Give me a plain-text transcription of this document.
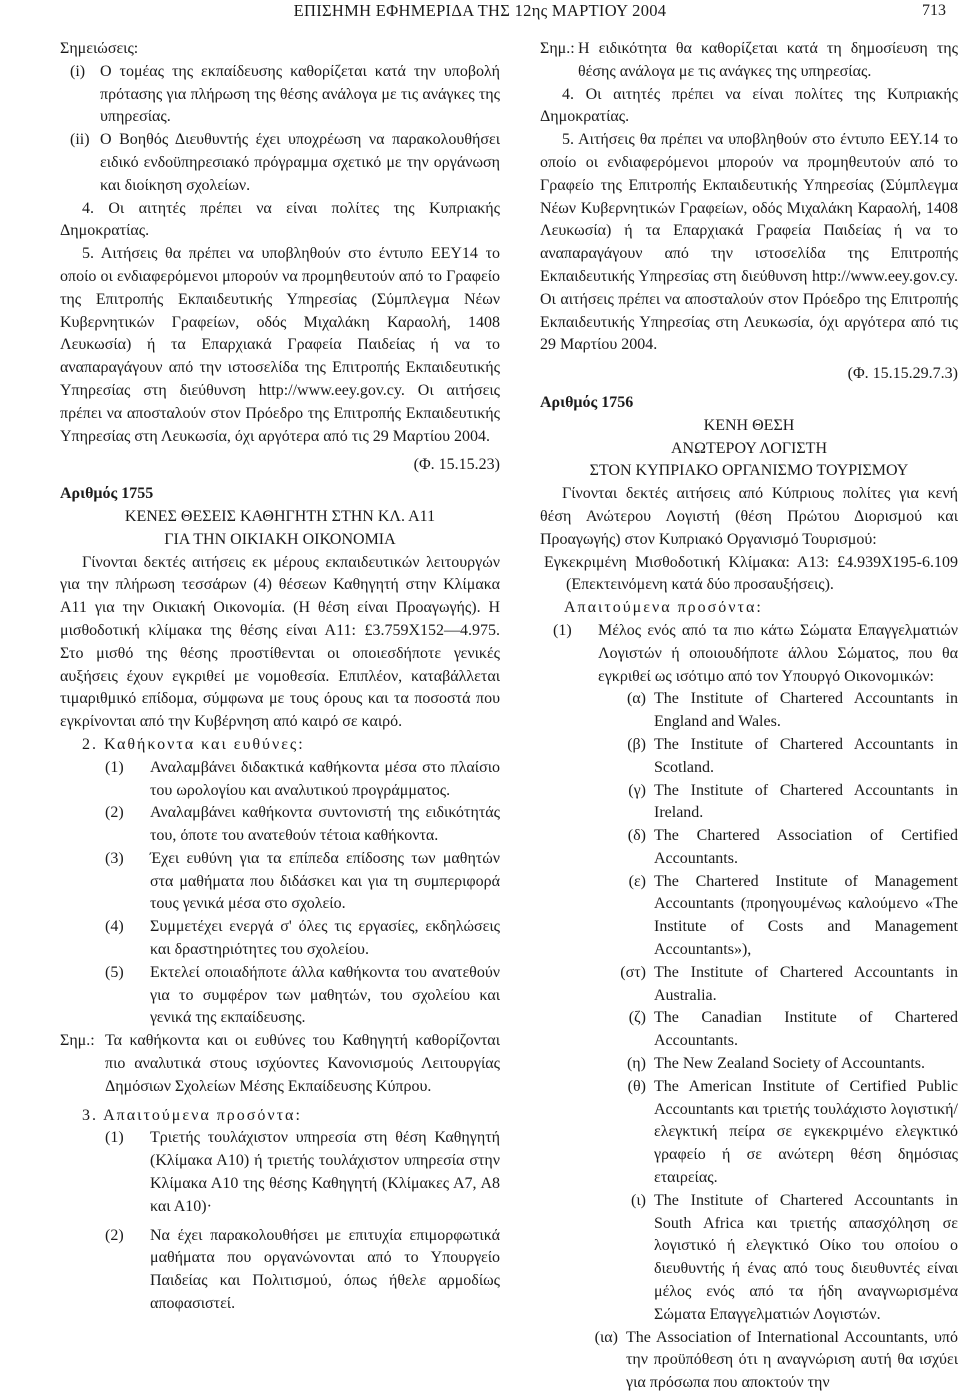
ΕΠΙΣΗΜΗ ΕΦΗΜΕΡΙΔΑ ΤΗΣ 12ης ΜΑΡΤΙΟΥ 2004	713

Σημειώσεις:

(i) Ο τομέας της εκπαίδευσης καθορίζεται κατά την υποβολή πρότασης για πλήρωση της θέσης ανάλογα με τις ανάγκες της υπηρεσίας.
(ii) Ο Βοηθός Διευθυντής έχει υποχρέωση να παρακολουθήσει ειδικό ενδοϋπηρεσιακό πρόγραμμα σχετικό με την οργάνωση και διοίκηση σχολείων.

4. Οι αιτητές πρέπει να είναι πολίτες της Κυπριακής Δημοκρατίας.

5. Αιτήσεις θα πρέπει να υποβληθούν στο έντυπο ΕΕΥ14 το οποίο οι ενδιαφερόμενοι μπορούν να προμηθευτούν από το Γραφείο της Επιτροπής Εκπαιδευτικής Υπηρεσίας (Σύμπλεγμα Νέων Κυβερνητικών Γραφείων, οδός Μιχαλάκη Καραολή, 1408 Λευκωσία) ή τα Επαρχιακά Γραφεία Παιδείας ή να το αναπαραγάγουν από την ιστοσελίδα της Επιτροπής Εκπαιδευτικής Υπηρεσίας στη διεύθυνση http://www.eey.gov.cy. Οι αιτήσεις πρέπει να αποσταλούν στον Πρόεδρο της Επιτροπής Εκπαιδευτικής Υπηρεσίας στη Λευκωσία, όχι αργότερα από τις 29 Μαρτίου 2004.

(Φ. 15.15.23)

Αριθμός 1755

ΚΕΝΕΣ ΘΕΣΕΙΣ ΚΑΘΗΓΗΤΗ ΣΤΗΝ ΚΛ. Α11

ΓΙΑ ΤΗΝ ΟΙΚΙΑΚΗ ΟΙΚΟΝΟΜΙΑ

Γίνονται δεκτές αιτήσεις εκ μέρους εκπαιδευτικών λειτουργών για την πλήρωση τεσσάρων (4) θέσεων Καθηγητή στην Κλίμακα Α11 για την Οικιακή Οικονομία. (Η θέση είναι Προαγωγής). Η μισθοδοτική κλίμακα της θέσης είναι Α11: £3.759Χ152—4.975. Στο μισθό της θέσης προστίθενται οι οποιεσδήποτε γενικές αυξήσεις έχουν εγκριθεί με νομοθεσία. Επιπλέον, καταβάλλεται τιμαριθμικό επίδομα, σύμφωνα με τους όρους και τα ποσοστά που εγκρίνονται από την Κυβέρνηση από καιρό σε καιρό.

2. Καθήκοντα και ευθύνες:

(1)	Αναλαμβάνει διδακτικά καθήκοντα μέσα στο πλαίσιο του ωρολογίου και αναλυτικού προγράμματος.
(2)	Αναλαμβάνει καθήκοντα συντονιστή της ειδικότητάς του, όποτε του ανατεθούν τέτοια καθήκοντα.
(3)	Έχει ευθύνη για τα επίπεδα επίδοσης των μαθητών στα μαθήματα που διδάσκει και για τη συμπεριφορά τους γενικά μέσα στο σχολείο.
(4)	Συμμετέχει ενεργά σ' όλες τις εργασίες, εκδηλώσεις και δραστηριότητες του σχολείου.
(5)	Εκτελεί οποιαδήποτε άλλα καθήκοντα του ανατεθούν για το συμφέρον των μαθητών, του σχολείου και γενικά της εκπαίδευσης.
Σημ.: Τα καθήκοντα και οι ευθύνες του Καθηγητή καθορίζονται πιο αναλυτικά στους ισχύοντες Κανονισμούς Λειτουργίας Δημόσιων Σχολείων Μέσης Εκπαίδευσης Κύπρου.

3. Απαιτούμενα προσόντα:

(1)	Τριετής τουλάχιστον υπηρεσία στη θέση Καθηγητή (Κλίμακα Α10) ή τριετής τουλάχιστον υπηρεσία στην Κλίμακα Α10 της θέσης Καθηγητή (Κλίμακες Α7, Α8 και Α10)·
(2)	Να έχει παρακολουθήσει με επιτυχία επιμορφωτικά μαθήματα που οργανώνονται από το Υπουργείο Παιδείας και Πολιτισμού, όπως ήθελε αρμοδίως αποφασιστεί.
Σημ.: Η ειδικότητα θα καθορίζεται κατά τη δημοσίευση της θέσης ανάλογα με τις ανάγκες της υπηρεσίας.

4. Οι αιτητές πρέπει να είναι πολίτες της Κυπριακής Δημοκρατίας.

5. Αιτήσεις θα πρέπει να υποβληθούν στο έντυπο ΕΕΥ.14 το οποίο οι ενδιαφερόμενοι μπορούν να προμηθευτούν από το Γραφείο της Επιτροπής Εκπαιδευτικής Υπηρεσίας (Σύμπλεγμα Νέων Κυβερνητικών Γραφείων, οδός Μιχαλάκη Καραολή, 1408 Λευκωσία) ή τα Επαρχιακά Γραφεία Παιδείας ή να το αναπαραγάγουν από την ιστοσελίδα της Επιτροπής Εκπαιδευτικής Υπηρεσίας στη διεύθυνση http://www.eey.gov.cy. Οι αιτήσεις πρέπει να αποσταλούν στον Πρόεδρο της Επιτροπής Εκπαιδευτικής Υπηρεσίας στη Λευκωσία, όχι αργότερα από τις 29 Μαρτίου 2004.

(Φ. 15.15.29.7.3)

Αριθμός 1756

ΚΕΝΗ ΘΕΣΗ

ΑΝΩΤΕΡΟΥ ΛΟΓΙΣΤΗ

ΣΤΟΝ ΚΥΠΡΙΑΚΟ ΟΡΓΑΝΙΣΜΟ ΤΟΥΡΙΣΜΟΥ

Γίνονται δεκτές αιτήσεις από Κύπριους πολίτες για κενή θέση Ανώτερου Λογιστή (θέση Πρώτου Διορισμού και Προαγωγής) στον Κυπριακό Οργανισμό Τουρισμού:

Εγκεκριμένη Μισθοδοτική Κλίμακα: Α13: £4.939Χ195-6.109 (Επεκτεινόμενη κατά δύο προσαυξήσεις).

Απαιτούμενα προσόντα:

(1)	Μέλος ενός από τα πιο κάτω Σώματα Επαγγελματιών Λογιστών ή οποιουδήποτε άλλου Σώματος, που θα εγκριθεί ως ισότιμο από τον Υπουργό Οικονομικών:
(α) The Institute of Chartered Accountants in England and Wales.
(β) The Institute of Chartered Accountants in Scotland.
(γ) The Institute of Chartered Accountants in Ireland.
(δ) The Chartered Association of Certified Accountants.
(ε) The Chartered Institute of Management Accountants (προηγουμένως καλούμενο «The Institute of Costs and Management Accountants»),
(στ) The Institute of Chartered Accountants in Australia.
(ζ) The Canadian Institute of Chartered Accountants.
(η) The New Zealand Society of Accountants.
(θ) The American Institute of Certified Public Accountants και τριετής τουλάχιστο λογιστική/ελεγκτική πείρα σε εγκεκριμένο ελεγκτικό γραφείο ή σε ανώτερη θέση δημόσιας εταιρείας.
(ι) The Institute of Chartered Accountants in South Africa και τριετής απασχόληση σε λογιστικό ή ελεγκτικό Οίκο του οποίου ο διευθυντής ή ένας από τους διευθυντές είναι μέλος ενός από τα ήδη αναγνωρισμένα Σώματα Επαγγελματιών Λογιστών.
(ια) The Association of International Accountants, υπό την προϋπόθεση ότι η αναγνώριση αυτή θα ισχύει για πρόσωπα που αποκτούν την
